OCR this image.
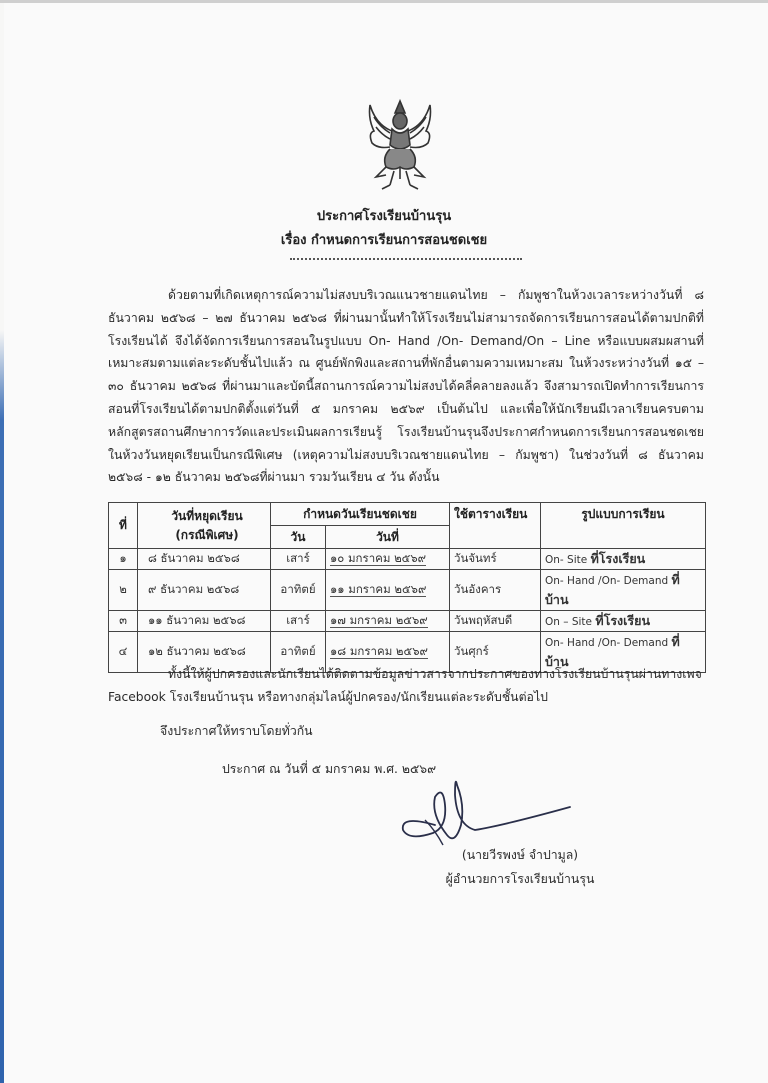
ประกาศโรงเรียนบ้านรุน
เรื่อง กำหนดการเรียนการสอนชดเชย
ด้วยตามที่เกิดเหตุการณ์ความไม่สงบบริเวณแนวชายแดนไทย – กัมพูชาในห้วงเวลาระหว่างวันที่ ๘ ธันวาคม ๒๕๖๘ – ๒๗ ธันวาคม ๒๕๖๘ ที่ผ่านมานั้นทำให้โรงเรียนไม่สามารถจัดการเรียนการสอนได้ตามปกติที่โรงเรียนได้ จึงได้จัดการเรียนการสอนในรูปแบบ On- Hand /On- Demand/On – Line หรือแบบผสมผสานที่เหมาะสมตามแต่ละระดับชั้นไปแล้ว ณ ศูนย์พักพิงและสถานที่พักอื่นตามความเหมาะสม ในห้วงระหว่างวันที่ ๑๕ – ๓๐ ธันวาคม ๒๕๖๘ ที่ผ่านมาและบัดนี้สถานการณ์ความไม่สงบได้คลี่คลายลงแล้ว จึงสามารถเปิดทำการเรียนการสอนที่โรงเรียนได้ตามปกติตั้งแต่วันที่ ๕ มกราคม ๒๕๖๙ เป็นต้นไป และเพื่อให้นักเรียนมีเวลาเรียนครบตามหลักสูตรสถานศึกษาการวัดและประเมินผลการเรียนรู้ โรงเรียนบ้านรุนจึงประกาศกำหนดการเรียนการสอนชดเชยในห้วงวันหยุดเรียนเป็นกรณีพิเศษ (เหตุความไม่สงบบริเวณชายแดนไทย – กัมพูชา) ในช่วงวันที่ ๘ ธันวาคม ๒๕๖๘ - ๑๒ ธันวาคม ๒๕๖๘ที่ผ่านมา รวมวันเรียน ๔ วัน ดังนั้น
ที่	วันที่หยุดเรียน
(กรณีพิเศษ)	กำหนดวันเรียนชดเชย		ใช้ตารางเรียน	รูปแบบการเรียน
		วัน	วันที่		
๑	๘ ธันวาคม ๒๕๖๘	เสาร์	๑๐ มกราคม ๒๕๖๙	วันจันทร์	On- Site ที่โรงเรียน
๒	๙ ธันวาคม ๒๕๖๘	อาทิตย์	๑๑ มกราคม ๒๕๖๙	วันอังคาร	On- Hand /On- Demand ที่บ้าน
๓	๑๑ ธันวาคม ๒๕๖๘	เสาร์	๑๗ มกราคม ๒๕๖๙	วันพฤหัสบดี	On – Site ที่โรงเรียน
๔	๑๒ ธันวาคม ๒๕๖๘	อาทิตย์	๑๘ มกราคม ๒๕๖๙	วันศุกร์	On- Hand /On- Demand ที่บ้าน
ทั้งนี้ให้ผู้ปกครองและนักเรียนได้ติดตามข้อมูลข่าวสารจากประกาศของทางโรงเรียนบ้านรุนผ่านทางเพจ Facebook โรงเรียนบ้านรุน หรือทางกลุ่มไลน์ผู้ปกครอง/นักเรียนแต่ละระดับชั้นต่อไป
จึงประกาศให้ทราบโดยทั่วกัน
ประกาศ ณ วันที่ ๕ มกราคม พ.ศ. ๒๕๖๙
(นายวีรพงษ์ จำปามูล)
ผู้อำนวยการโรงเรียนบ้านรุน
